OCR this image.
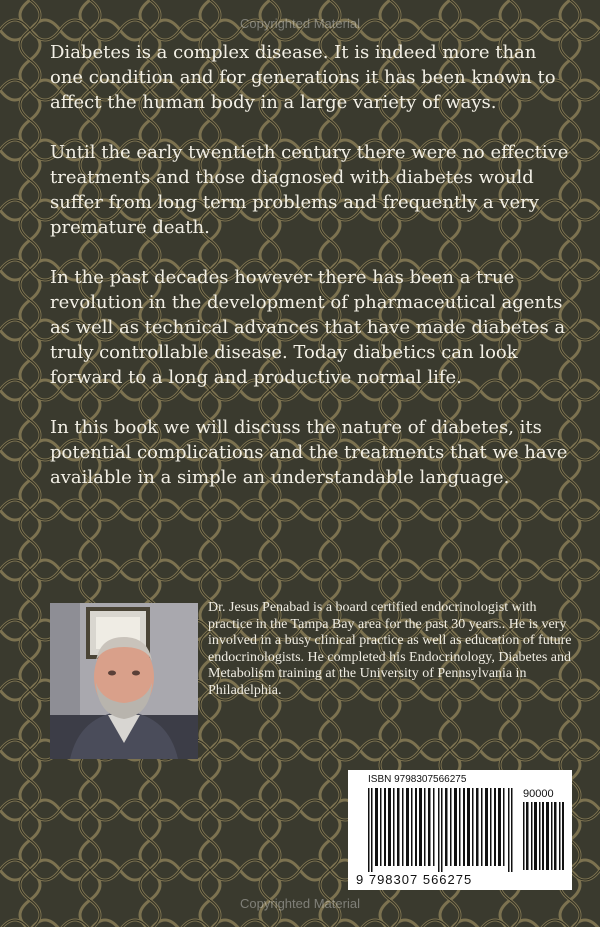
Copyrighted Material

Diabetes is a complex disease. It is indeed more than one condition and for generations it has been known to affect the human body in a large variety of ways.

Until the early twentieth century there were no effective treatments and those diagnosed with diabetes would suffer from long term problems and frequently a very premature death.

In the past decades however there has been a true revolution in the development of pharmaceutical agents as well as technical advances that have made diabetes a truly controllable disease. Today diabetics can look forward to a long and productive normal life.

In this book we will discuss the nature of diabetes, its potential complications and the treatments that we have available in a simple an understandable language.

Dr. Jesus Penabad is a board certified endocrinologist with practice in the Tampa Bay area for the past 30 years.. He is very involved in a busy clinical practice as well as education of future endocrinologists. He completed his Endocrinology, Diabetes and Metabolism training at the University of Pennsylvania in Philadelphia.
ISBN 9798307566275
90000
9 798307 566275
Copyrighted Material
